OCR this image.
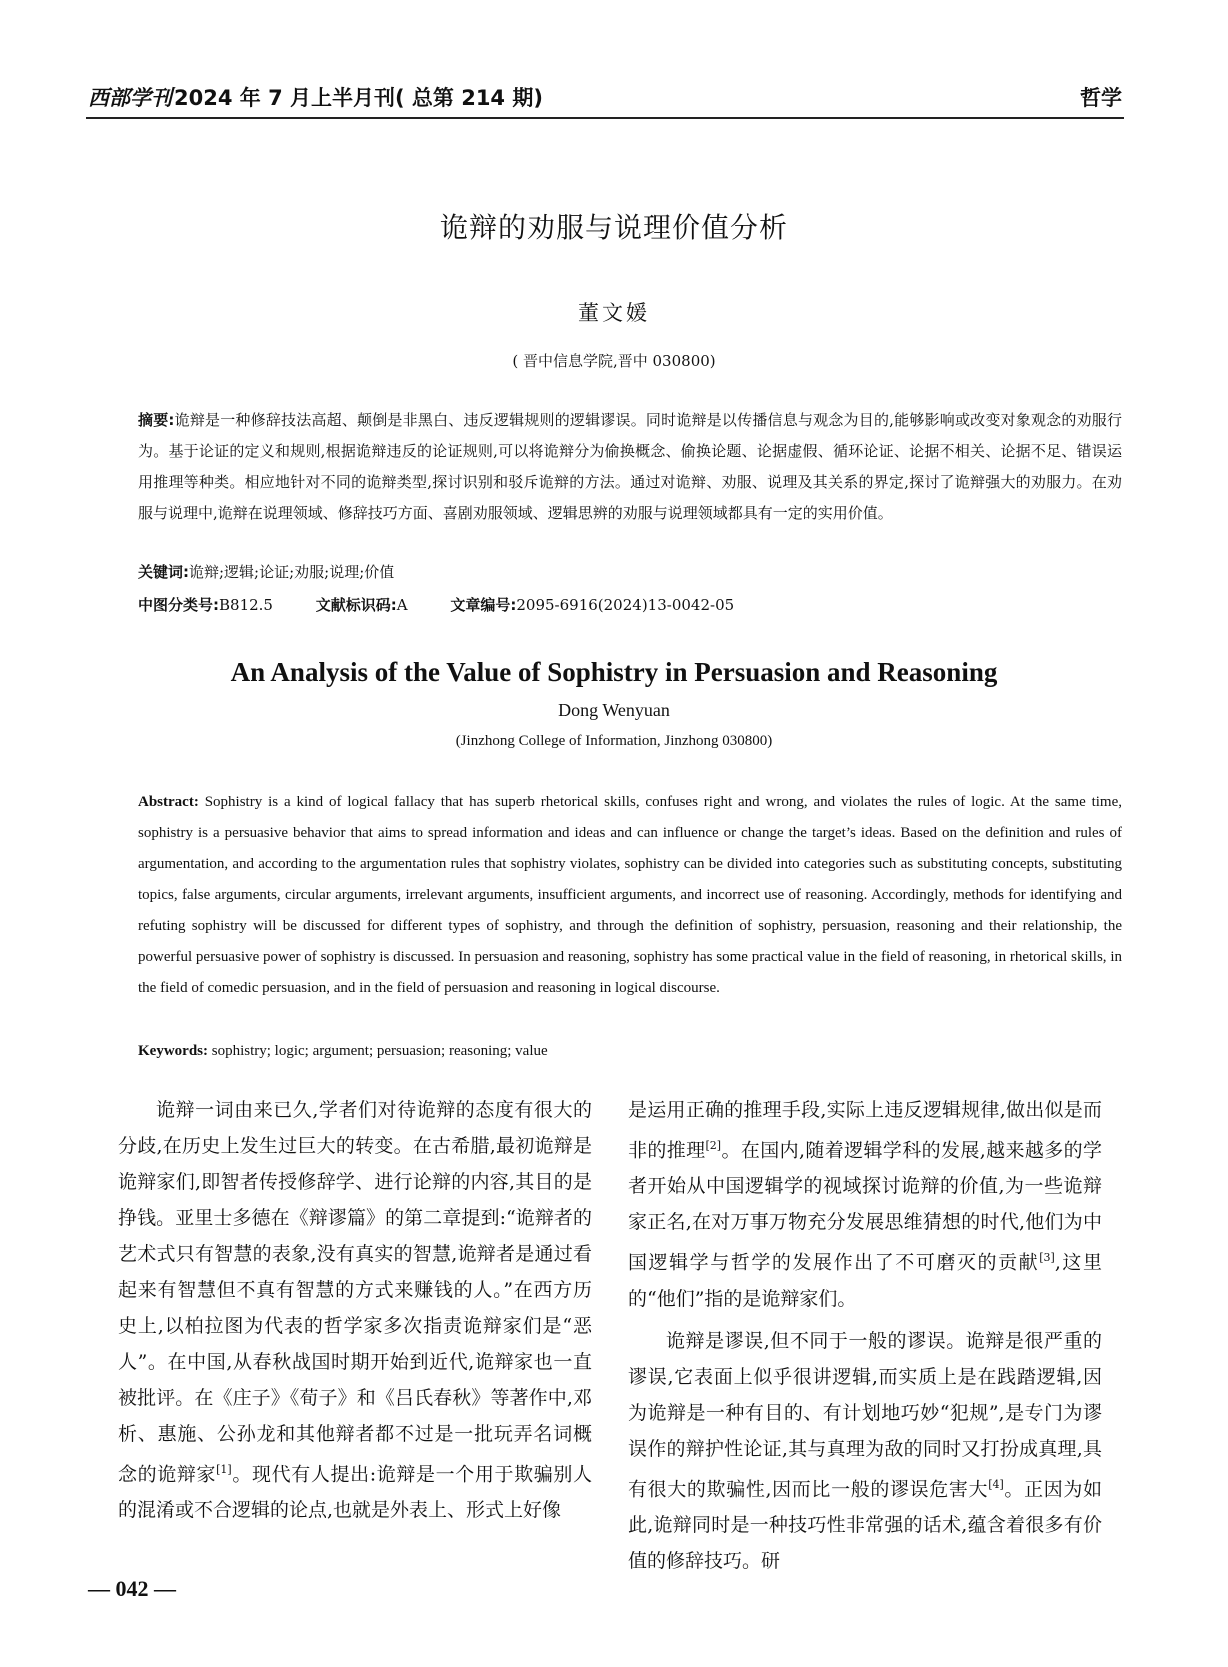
西部学刊2024 年 7 月上半月刊( 总第 214 期)	哲学
诡辩的劝服与说理价值分析
董文媛
( 晋中信息学院,晋中 030800)
摘要:诡辩是一种修辞技法高超、颠倒是非黑白、违反逻辑规则的逻辑谬误。同时诡辩是以传播信息与观念为目的,能够影响或改变对象观念的劝服行为。基于论证的定义和规则,根据诡辩违反的论证规则,可以将诡辩分为偷换概念、偷换论题、论据虚假、循环论证、论据不相关、论据不足、错误运用推理等种类。相应地针对不同的诡辩类型,探讨识别和驳斥诡辩的方法。通过对诡辩、劝服、说理及其关系的界定,探讨了诡辩强大的劝服力。在劝服与说理中,诡辩在说理领域、修辞技巧方面、喜剧劝服领域、逻辑思辨的劝服与说理领域都具有一定的实用价值。
关键词:诡辩;逻辑;论证;劝服;说理;价值
中图分类号:B812.5	文献标识码:A	文章编号:2095-6916(2024)13-0042-05
An Analysis of the Value of Sophistry in Persuasion and Reasoning
Dong Wenyuan
(Jinzhong College of Information, Jinzhong 030800)
Abstract: Sophistry is a kind of logical fallacy that has superb rhetorical skills, confuses right and wrong, and violates the rules of logic. At the same time, sophistry is a persuasive behavior that aims to spread information and ideas and can influence or change the target’s ideas. Based on the definition and rules of argumentation, and according to the argumentation rules that sophistry violates, sophistry can be divided into categories such as substituting concepts, substituting topics, false arguments, circular arguments, irrelevant arguments, insufficient arguments, and incorrect use of reasoning. Accordingly, methods for identifying and refuting sophistry will be discussed for different types of sophistry, and through the definition of sophistry, persuasion, reasoning and their relationship, the powerful persuasive power of sophistry is discussed. In persuasion and reasoning, sophistry has some practical value in the field of reasoning, in rhetorical skills, in the field of comedic persuasion, and in the field of persuasion and reasoning in logical discourse.
Keywords: sophistry; logic; argument; persuasion; reasoning; value

诡辩一词由来已久,学者们对待诡辩的态度有很大的分歧,在历史上发生过巨大的转变。在古希腊,最初诡辩是诡辩家们,即智者传授修辞学、进行论辩的内容,其目的是挣钱。亚里士多德在《辩谬篇》的第二章提到:“诡辩者的艺术式只有智慧的表象,没有真实的智慧,诡辩者是通过看起来有智慧但不真有智慧的方式来赚钱的人。”在西方历史上,以柏拉图为代表的哲学家多次指责诡辩家们是“恶人”。在中国,从春秋战国时期开始到近代,诡辩家也一直被批评。在《庄子》《荀子》和《吕氏春秋》等著作中,邓析、惠施、公孙龙和其他辩者都不过是一批玩弄名词概念的诡辩家[1]。现代有人提出:诡辩是一个用于欺骗别人的混淆或不合逻辑的论点,也就是外表上、形式上好像

是运用正确的推理手段,实际上违反逻辑规律,做出似是而非的推理[2]。在国内,随着逻辑学科的发展,越来越多的学者开始从中国逻辑学的视域探讨诡辩的价值,为一些诡辩家正名,在对万事万物充分发展思维猜想的时代,他们为中国逻辑学与哲学的发展作出了不可磨灭的贡献[3],这里的“他们”指的是诡辩家们。

诡辩是谬误,但不同于一般的谬误。诡辩是很严重的谬误,它表面上似乎很讲逻辑,而实质上是在践踏逻辑,因为诡辩是一种有目的、有计划地巧妙“犯规”,是专门为谬误作的辩护性论证,其与真理为敌的同时又打扮成真理,具有很大的欺骗性,因而比一般的谬误危害大[4]。正因为如此,诡辩同时是一种技巧性非常强的话术,蕴含着很多有价值的修辞技巧。研

— 042 —
